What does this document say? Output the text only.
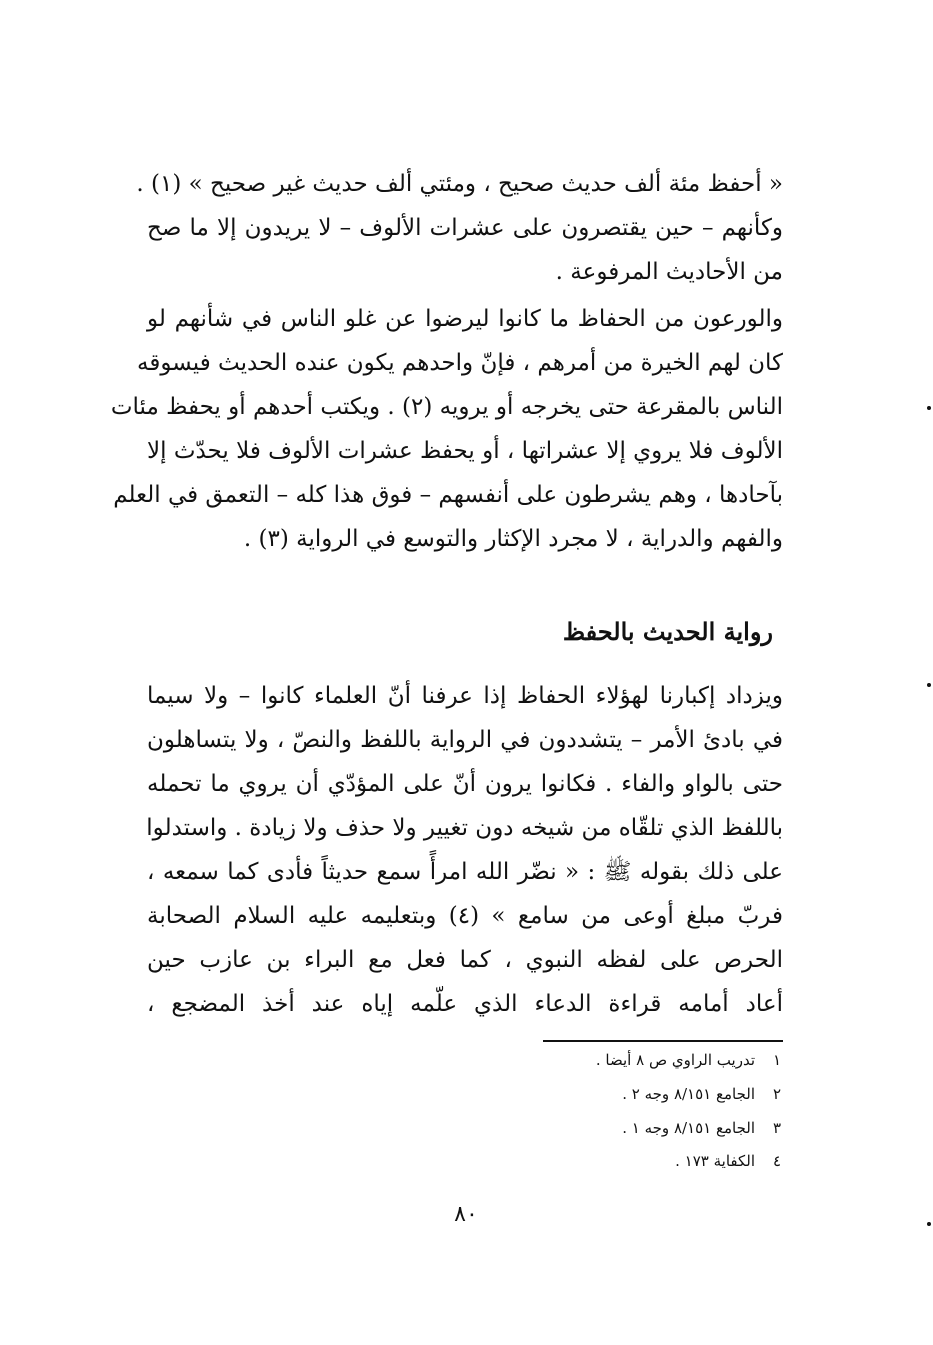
« أحفظ مئة ألف حديث صحيح ، ومئتي ألف حديث غير صحيح » (١) .
وكأنهم – حين يقتصرون على عشرات الألوف – لا يريدون إلا ما صح
من الأحاديث المرفوعة .
والورعون من الحفاظ ما كانوا ليرضوا عن غلو الناس في شأنهم لو
كان لهم الخيرة من أمرهم ، فإنّ واحدهم يكون عنده الحديث فيسوقه
الناس بالمقرعة حتى يخرجه أو يرويه (٢) . ويكتب أحدهم أو يحفظ مئات
الألوف فلا يروي إلا عشراتها ، أو يحفظ عشرات الألوف فلا يحدّث إلا
بآحادها ، وهم يشرطون على أنفسهم – فوق هذا كله – التعمق في العلم
والفهم والدراية ، لا مجرد الإكثار والتوسع في الرواية (٣) .
رواية الحديث بالحفظ
ويزداد إكبارنا لهؤلاء الحفاظ إذا عرفنا أنّ العلماء كانوا – ولا سيما
في بادئ الأمر – يتشددون في الرواية باللفظ والنصّ ، ولا يتساهلون
حتى بالواو والفاء . فكانوا يرون أنّ على المؤدّي أن يروي ما تحمله
باللفظ الذي تلقّاه من شيخه دون تغيير ولا حذف ولا زيادة . واستدلوا
على ذلك بقوله ﷺ : « نضّر الله امرأً سمع حديثاً فأدى كما سمعه ،
فربّ مبلغ أوعى من سامع » (٤) وبتعليمه عليه السلام الصحابة
الحرص على لفظه النبوي ، كما فعل مع البراء بن عازب حين
أعاد أمامه قراءة الدعاء الذي علّمه إياه عند أخذ المضجع ،
١تدريب الراوي ص ٨ أيضا .
٢الجامع ٨/١٥١ وجه ٢ .
٣الجامع ٨/١٥١ وجه ١ .
٤الكفاية ١٧٣ .
٨٠
